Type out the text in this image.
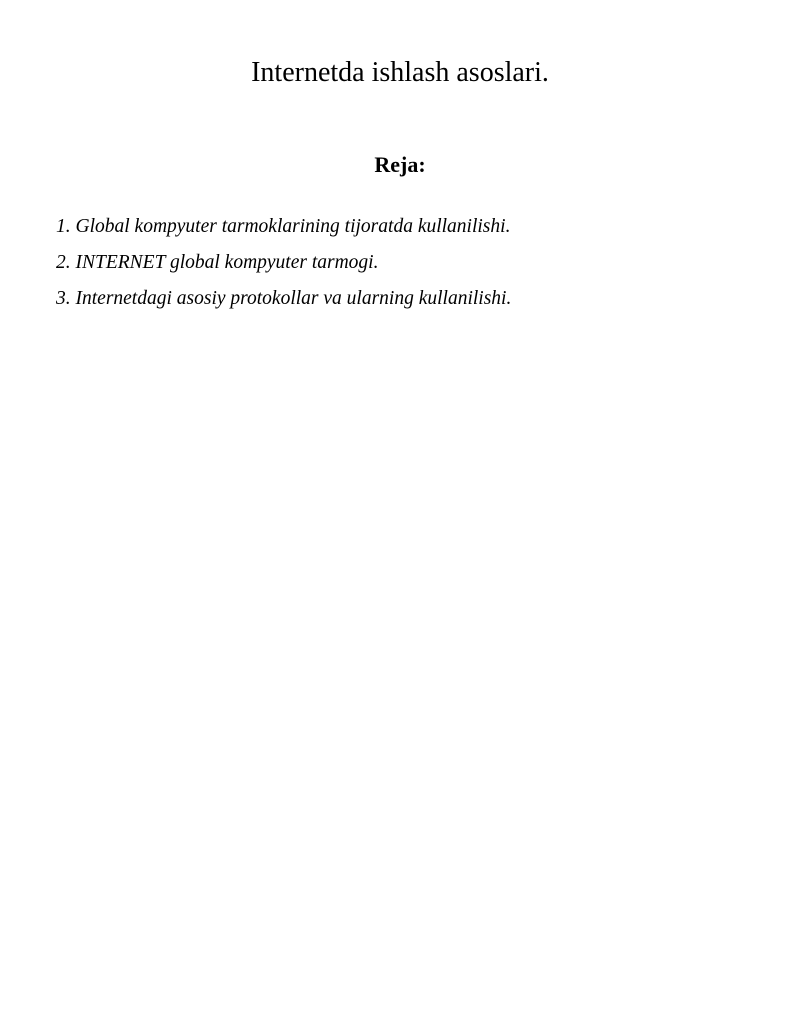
Internetda ishlash asoslari.
Reja:
1. Global kompyuter tarmoklarining tijoratda kullanilishi.
2. INTERNET global kompyuter tarmogi.
3. Internetdagi asosiy protokollar va ularning kullanilishi.
